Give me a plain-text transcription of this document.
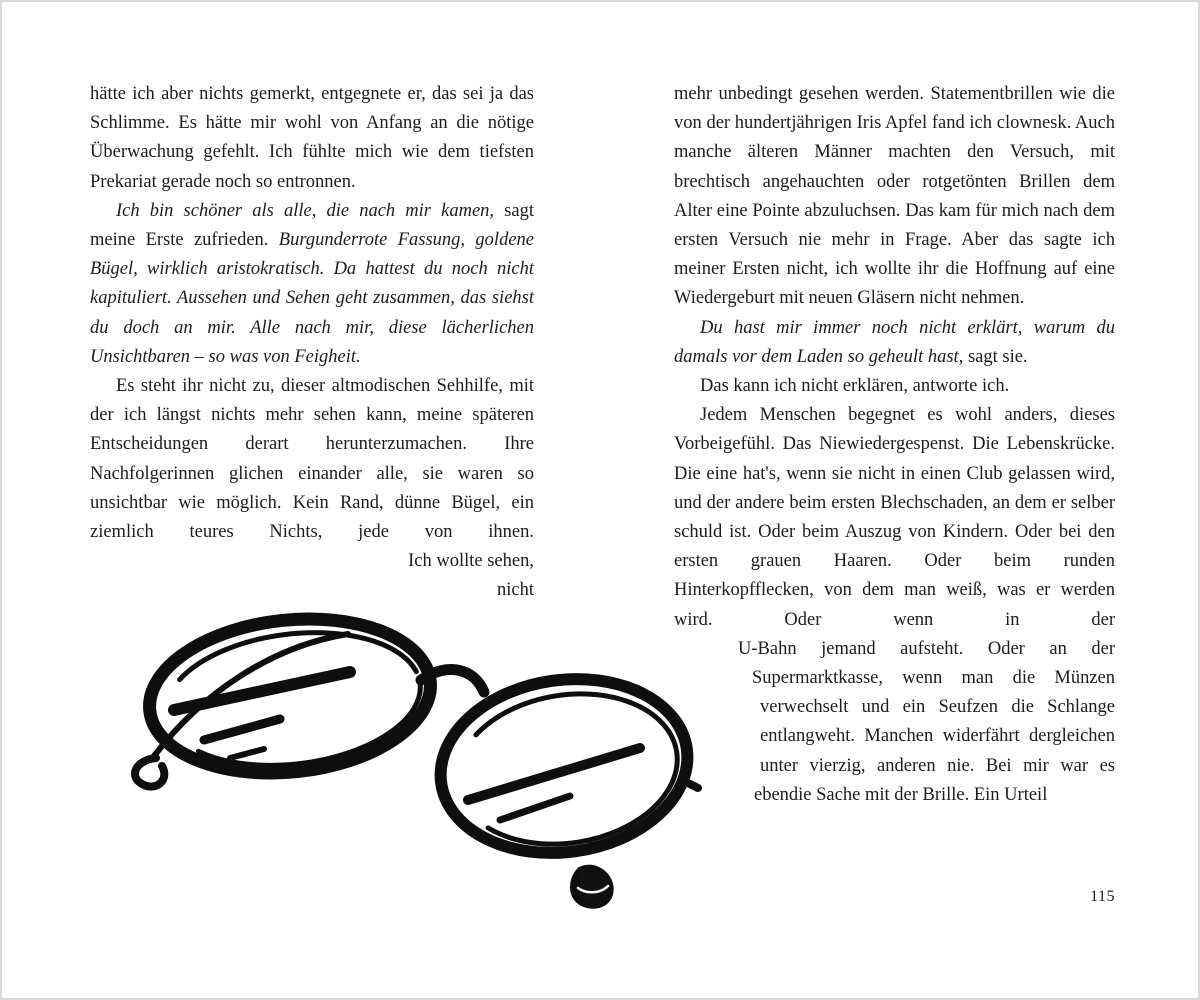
hätte ich aber nichts gemerkt, entgegnete er, das sei ja das Schlimme. Es hätte mir wohl von Anfang an die nötige Überwachung gefehlt. Ich fühlte mich wie dem tiefsten Prekariat gerade noch so entronnen.

Ich bin schöner als alle, die nach mir kamen, sagt meine Erste zufrieden. Burgunderrote Fassung, goldene Bügel, wirklich aristokratisch. Da hattest du noch nicht kapituliert. Aussehen und Sehen geht zusammen, das siehst du doch an mir. Alle nach mir, diese lächerlichen Unsichtbaren – so was von Feigheit.

Es steht ihr nicht zu, dieser altmodischen Sehhilfe, mit der ich längst nichts mehr sehen kann, meine späteren Entscheidungen derart herunterzumachen. Ihre Nachfolgerinnen glichen einander alle, sie waren so unsichtbar wie möglich. Kein Rand, dünne Bügel, ein ziemlich teures Nichts, jede von ihnen.

Ich wollte sehen,

nicht

mehr unbedingt gesehen werden. Statementbrillen wie die von der hundertjährigen Iris Apfel fand ich clownesk. Auch manche älteren Männer machten den Versuch, mit brechtisch angehauchten oder rotgetönten Brillen dem Alter eine Pointe abzuluchsen. Das kam für mich nach dem ersten Versuch nie mehr in Frage. Aber das sagte ich meiner Ersten nicht, ich wollte ihr die Hoffnung auf eine Wiedergeburt mit neuen Gläsern nicht nehmen.

Du hast mir immer noch nicht erklärt, warum du damals vor dem Laden so geheult hast, sagt sie.

Das kann ich nicht erklären, antworte ich.

Jedem Menschen begegnet es wohl anders, dieses Vorbeigefühl. Das Niewiedergespenst. Die Lebenskrücke. Die eine hat's, wenn sie nicht in einen Club gelassen wird, und der andere beim ersten Blechschaden, an dem er selber schuld ist. Oder beim Auszug von Kindern. Oder bei den ersten grauen Haaren. Oder beim runden Hinterkopfflecken, von dem man weiß, was er werden wird. Oder wenn in der

U-Bahn jemand aufsteht. Oder an der Supermarktkasse, wenn man die Münzen verwechselt und ein Seufzen die Schlange entlangweht. Manchen widerfährt dergleichen unter vierzig, anderen nie. Bei mir war es ebendie Sache mit der Brille. Ein Urteil

115
